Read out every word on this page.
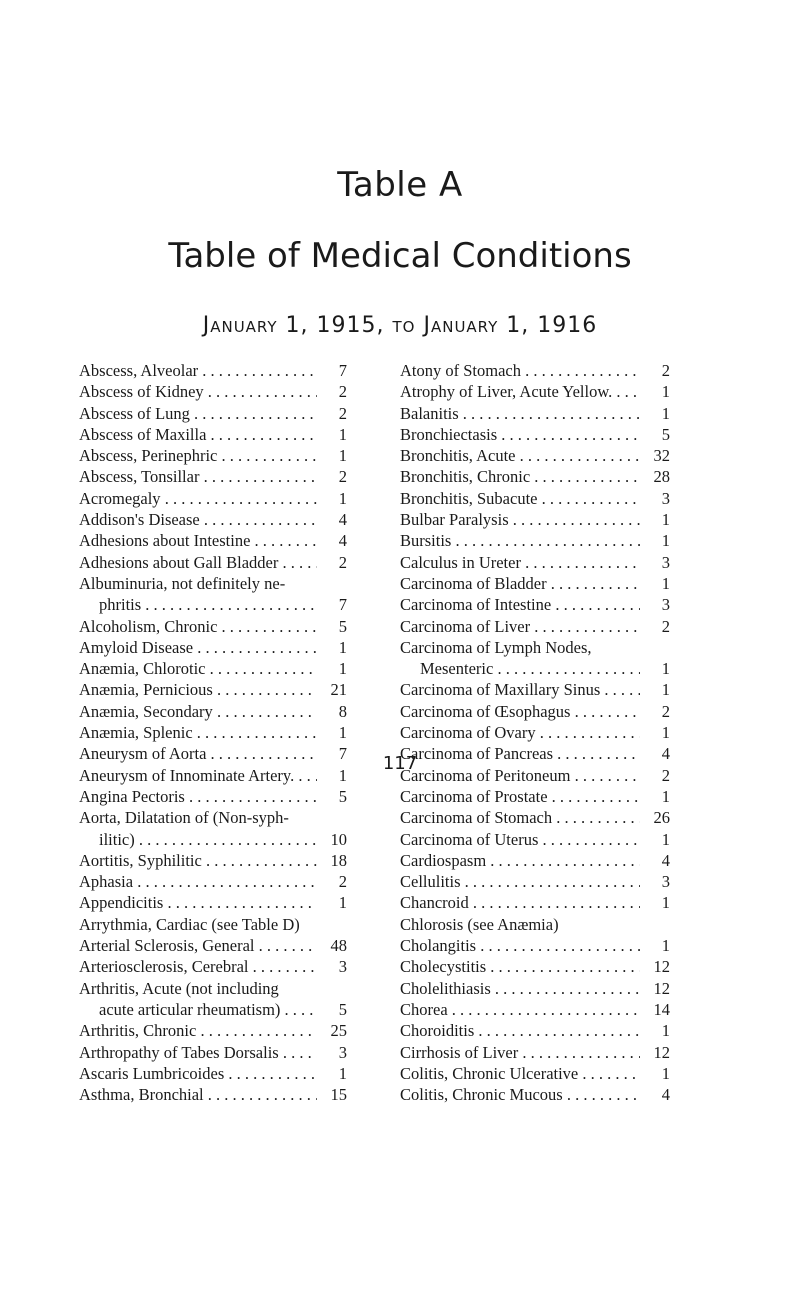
Table A
Table of Medical Conditions
January 1, 1915, to January 1, 1916
Abscess, Alveolar . . .	7
Abscess of Kidney . . .	2
Abscess of Lung . . .	2
Abscess of Maxilla . . .	1
Abscess, Perinephric . . .	1
Abscess, Tonsillar . . .	2
Acromegaly . . .	1
Addison's Disease . . .	4
Adhesions about Intestine . . .	4
Adhesions about Gall Bladder . . .	2
Albuminuria, not definitely ne-
phritis . . .	7
Alcoholism, Chronic . . .	5
Amyloid Disease . . .	1
Anæmia, Chlorotic . . .	1
Anæmia, Pernicious . . .	21
Anæmia, Secondary . . .	8
Anæmia, Splenic . . .	1
Aneurysm of Aorta . . .	7
Aneurysm of Innominate Artery. . . .	1
Angina Pectoris . . .	5
Aorta, Dilatation of (Non-syph-
ilitic) . . .	10
Aortitis, Syphilitic . . .	18
Aphasia . . .	2
Appendicitis . . .	1
Arrythmia, Cardiac (see Table D)
Arterial Sclerosis, General . . .	48
Arteriosclerosis, Cerebral . . .	3
Arthritis, Acute (not including
acute articular rheumatism) . . .	5
Arthritis, Chronic . . .	25
Arthropathy of Tabes Dorsalis . . .	3
Ascaris Lumbricoides . . .	1
Asthma, Bronchial . . .	15
Atony of Stomach . . .	2
Atrophy of Liver, Acute Yellow. . . .	1
Balanitis . . .	1
Bronchiectasis . . .	5
Bronchitis, Acute . . .	32
Bronchitis, Chronic . . .	28
Bronchitis, Subacute . . .	3
Bulbar Paralysis . . .	1
Bursitis . . .	1
Calculus in Ureter . . .	3
Carcinoma of Bladder . . .	1
Carcinoma of Intestine . . .	3
Carcinoma of Liver . . .	2
Carcinoma of Lymph Nodes,
Mesenteric . . .	1
Carcinoma of Maxillary Sinus . . .	1
Carcinoma of Œsophagus . . .	2
Carcinoma of Ovary . . .	1
Carcinoma of Pancreas . . .	4
Carcinoma of Peritoneum . . .	2
Carcinoma of Prostate . . .	1
Carcinoma of Stomach . . .	26
Carcinoma of Uterus . . .	1
Cardiospasm . . .	4
Cellulitis . . .	3
Chancroid . . .	1
Chlorosis (see Anæmia)
Cholangitis . . .	1
Cholecystitis . . .	12
Cholelithiasis . . .	12
Chorea . . .	14
Choroiditis . . .	1
Cirrhosis of Liver . . .	12
Colitis, Chronic Ulcerative . . .	1
Colitis, Chronic Mucous . . .	4
117
